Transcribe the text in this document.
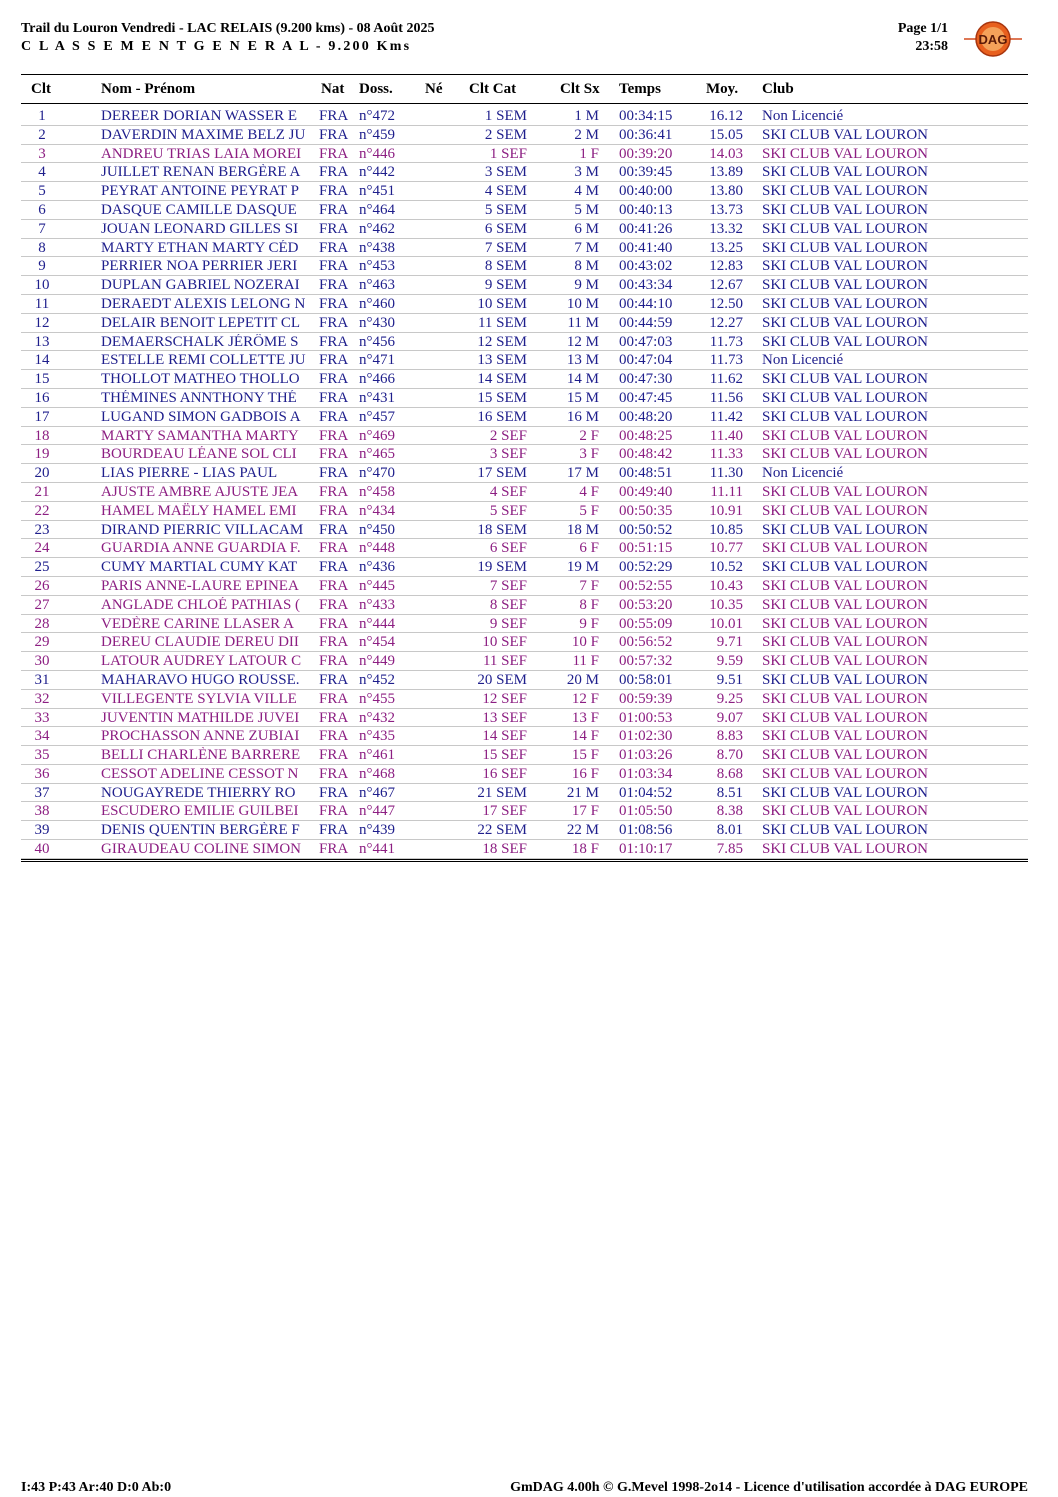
Trail du Louron Vendredi - LAC RELAIS (9.200 kms) - 08 Août 2025
C L A S S E M E N T G E N E R A L - 9.200 Kms
Page 1/1
23:58 DAG
Clt	Nom - Prénom	Nat Doss. Né Clt Cat	Clt Sx Temps	Moy. Club
1	DEREER DORIAN WASSER E	FRA n°472	1 SEM	1 M 00:34:15 16.12 Non Licencié
2	DAVERDIN MAXIME BELZ JU FRA n°459	2 SEM	2 M 00:36:41 15.05 SKI CLUB VAL LOURON
3	ANDREU TRIAS LAIA MOREI	FRA n°446	1 SEF	1 F 00:39:20 14.03 SKI CLUB VAL LOURON
4	JUILLET RENAN BERGÈRE A	FRA n°442	3 SEM	3 M 00:39:45 13.89 SKI CLUB VAL LOURON
5	PEYRAT ANTOINE PEYRAT P	FRA n°451	4 SEM	4 M 00:40:00 13.80 SKI CLUB VAL LOURON
6	DASQUE CAMILLE DASQUE	FRA n°464	5 SEM	5 M 00:40:13 13.73 SKI CLUB VAL LOURON
7	JOUAN LEONARD GILLES SI	FRA n°462	6 SEM	6 M 00:41:26 13.32 SKI CLUB VAL LOURON
8	MARTY ETHAN MARTY CÉD	FRA n°438	7 SEM	7 M 00:41:40 13.25 SKI CLUB VAL LOURON
9	PERRIER NOA PERRIER JERI	FRA n°453	8 SEM	8 M 00:43:02 12.83 SKI CLUB VAL LOURON
10	DUPLAN GABRIEL NOZERAI	FRA n°463	9 SEM	9 M 00:43:34 12.67 SKI CLUB VAL LOURON
11	DERAEDT ALEXIS LELONG N FRA n°460	10 SEM	10 M 00:44:10 12.50 SKI CLUB VAL LOURON
12	DELAIR BENOIT LEPETIT CL	FRA n°430	11 SEM	11 M 00:44:59 12.27 SKI CLUB VAL LOURON
13	DEMAERSCHALK JÉRÔME S	FRA n°456	12 SEM	12 M 00:47:03	11.73 SKI CLUB VAL LOURON
14	ESTELLE REMI COLLETTE JU FRA n°471	13 SEM	13 M 00:47:04	11.73 Non Licencié
15	THOLLOT MATHEO THOLLO	FRA n°466	14 SEM	14 M 00:47:30	11.62 SKI CLUB VAL LOURON
16	THÉMINES ANNTHONY THÉ	FRA n°431	15 SEM	15 M 00:47:45	11.56 SKI CLUB VAL LOURON
17	LUGAND SIMON GADBOIS A	FRA n°457	16 SEM	16 M 00:48:20	11.42 SKI CLUB VAL LOURON
18	MARTY SAMANTHA MARTY	FRA n°469	2 SEF	2 F 00:48:25	11.40 SKI CLUB VAL LOURON
19	BOURDEAU LÉANE SOL CLI	FRA n°465	3 SEF	3 F 00:48:42	11.33 SKI CLUB VAL LOURON
20	LIAS PIERRE - LIAS PAUL	FRA n°470	17 SEM	17 M 00:48:51	11.30 Non Licencié
21	AJUSTE AMBRE AJUSTE JEA	FRA n°458	4 SEF	4 F 00:49:40	11.11 SKI CLUB VAL LOURON
22	HAMEL MAËLY HAMEL EMI	FRA n°434	5 SEF	5 F 00:50:35 10.91 SKI CLUB VAL LOURON
23	DIRAND PIERRIC VILLACAM	FRA n°450	18 SEM	18 M 00:50:52 10.85 SKI CLUB VAL LOURON
24	GUARDIA ANNE GUARDIA F.	FRA n°448	6 SEF	6 F 00:51:15 10.77 SKI CLUB VAL LOURON
25	CUMY MARTIAL CUMY KAT	FRA n°436	19 SEM	19 M 00:52:29 10.52 SKI CLUB VAL LOURON
26	PARIS ANNE-LAURE EPINEA	FRA n°445	7 SEF	7 F 00:52:55 10.43 SKI CLUB VAL LOURON
27	ANGLADE CHLOÉ PATHIAS (	FRA n°433	8 SEF	8 F 00:53:20 10.35 SKI CLUB VAL LOURON
28	VEDÈRE CARINE LLASER A	FRA n°444	9 SEF	9 F 00:55:09 10.01 SKI CLUB VAL LOURON
29	DEREU CLAUDIE DEREU DII	FRA n°454	10 SEF	10 F 00:56:52	9.71 SKI CLUB VAL LOURON
30	LATOUR AUDREY LATOUR C	FRA n°449	11 SEF	11 F 00:57:32	9.59 SKI CLUB VAL LOURON
31	MAHARAVO HUGO ROUSSE.	FRA n°452	20 SEM	20 M 00:58:01	9.51 SKI CLUB VAL LOURON
32	VILLEGENTE SYLVIA VILLE	FRA n°455	12 SEF	12 F 00:59:39	9.25 SKI CLUB VAL LOURON
33	JUVENTIN MATHILDE JUVEI	FRA n°432	13 SEF	13 F 01:00:53	9.07 SKI CLUB VAL LOURON
34	PROCHASSON ANNE ZUBIAI	FRA n°435	14 SEF	14 F 01:02:30	8.83 SKI CLUB VAL LOURON
35	BELLI CHARLÈNE BARRERE	FRA n°461	15 SEF	15 F 01:03:26	8.70 SKI CLUB VAL LOURON
36	CESSOT ADELINE CESSOT N	FRA n°468	16 SEF	16 F 01:03:34	8.68 SKI CLUB VAL LOURON
37	NOUGAYREDE THIERRY RO	FRA n°467	21 SEM	21 M 01:04:52	8.51 SKI CLUB VAL LOURON
38	ESCUDERO EMILIE GUILBEI	FRA n°447	17 SEF	17 F 01:05:50	8.38 SKI CLUB VAL LOURON
39	DENIS QUENTIN BERGÈRE F	FRA n°439	22 SEM	22 M 01:08:56	8.01 SKI CLUB VAL LOURON
40	GIRAUDEAU COLINE SIMON	FRA n°441	18 SEF	18 F 01:10:17	7.85 SKI CLUB VAL LOURON
I:43 P:43 Ar:40 D:0 Ab:0	GmDAG 4.00h © G.Mevel 1998-2o14 - Licence d'utilisation accordée à DAG EUROPE
